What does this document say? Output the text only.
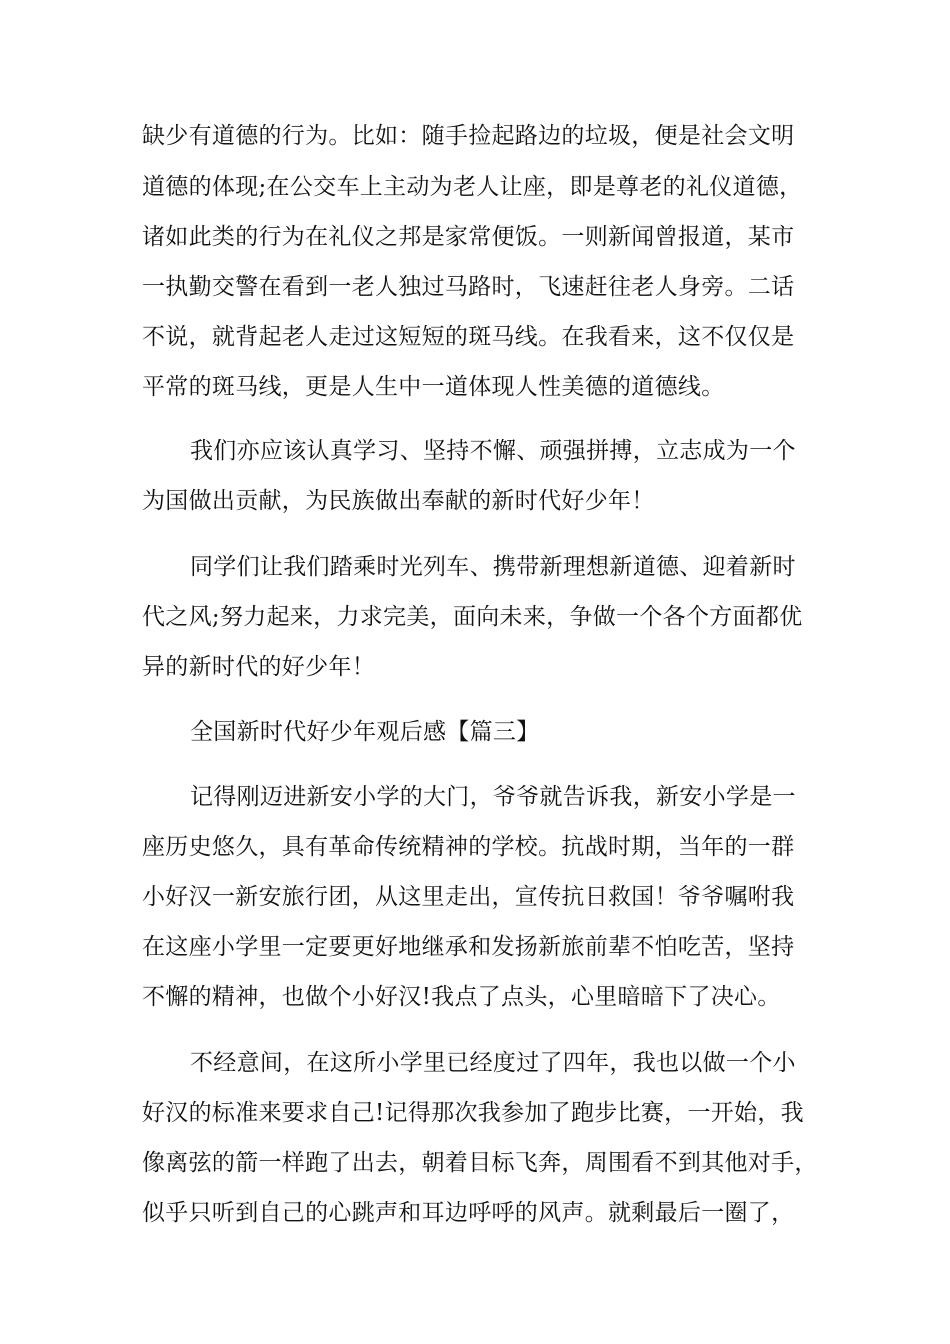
缺少有道德的行为。比如：随手捡起路边的垃圾，便是社会文明
道德的体现;在公交车上主动为老人让座，即是尊老的礼仪道德，
诸如此类的行为在礼仪之邦是家常便饭。一则新闻曾报道，某市
一执勤交警在看到一老人独过马路时，飞速赶往老人身旁。二话
不说，就背起老人走过这短短的斑马线。在我看来，这不仅仅是
平常的斑马线，更是人生中一道体现人性美德的道德线。
我们亦应该认真学习、坚持不懈、顽强拼搏，立志成为一个
为国做出贡献，为民族做出奉献的新时代好少年！
同学们让我们踏乘时光列车、携带新理想新道德、迎着新时
代之风;努力起来，力求完美，面向未来，争做一个各个方面都优
异的新时代的好少年！
全国新时代好少年观后感【篇三】
记得刚迈进新安小学的大门，爷爷就告诉我，新安小学是一
座历史悠久，具有革命传统精神的学校。抗战时期，当年的一群
小好汉一新安旅行团，从这里走出，宣传抗日救国！爷爷嘱咐我
在这座小学里一定要更好地继承和发扬新旅前辈不怕吃苦，坚持
不懈的精神，也做个小好汉!我点了点头，心里暗暗下了决心。
不经意间，在这所小学里已经度过了四年，我也以做一个小
好汉的标准来要求自己!记得那次我参加了跑步比赛，一开始，我
像离弦的箭一样跑了出去，朝着目标飞奔，周围看不到其他对手，
似乎只听到自己的心跳声和耳边呼呼的风声。就剩最后一圈了，
